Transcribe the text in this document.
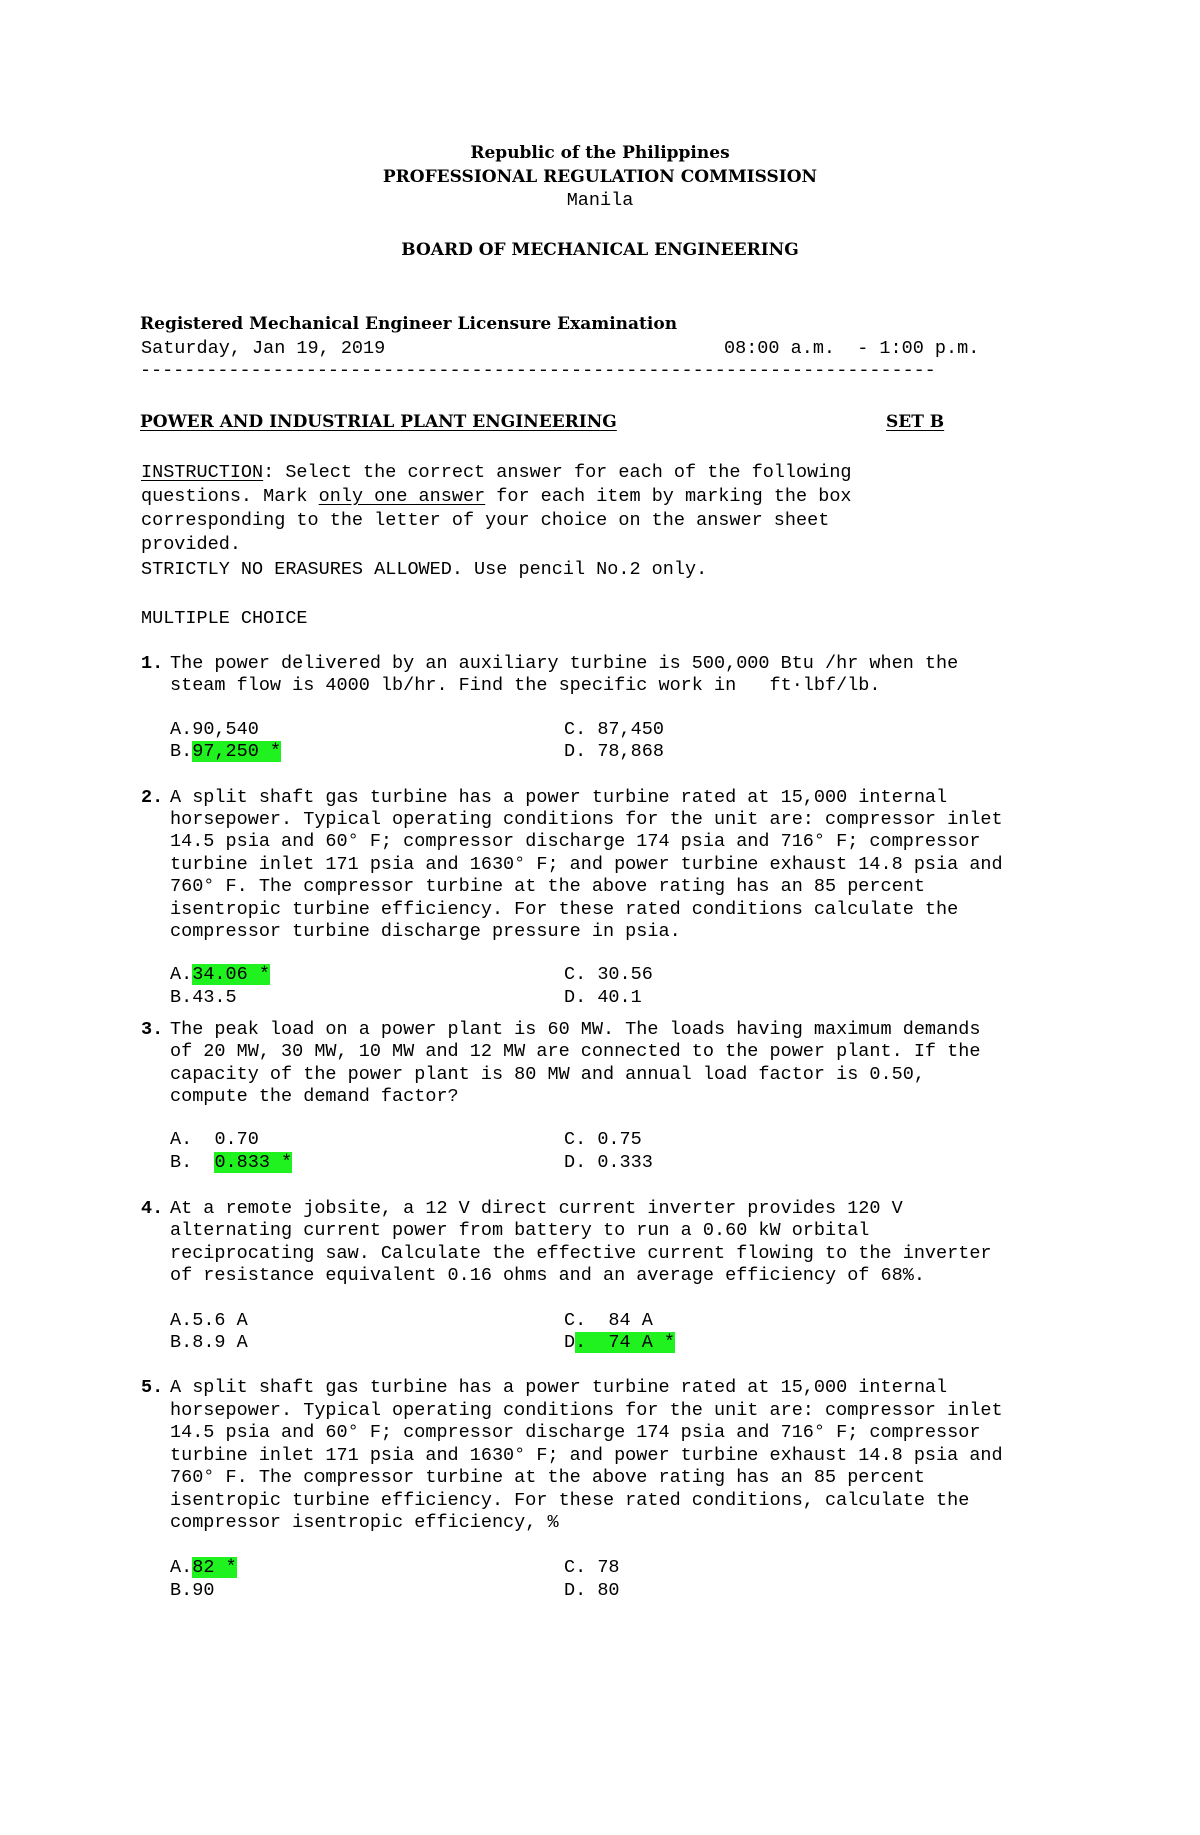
Republic of the Philippines
PROFESSIONAL REGULATION COMMISSION
Manila
BOARD OF MECHANICAL ENGINEERING
Registered Mechanical Engineer Licensure Examination
Saturday, Jan 19, 2019	08:00 a.m.  - 1:00 p.m.
------------------------------------------------------------------------
POWER AND INDUSTRIAL PLANT ENGINEERING	SET B
INSTRUCTION: Select the correct answer for each of the following
questions. Mark only one answer for each item by marking the box
corresponding to the letter of your choice on the answer sheet
provided.
STRICTLY NO ERASURES ALLOWED. Use pencil No.2 only.
MULTIPLE CHOICE
1. The power delivered by an auxiliary turbine is 500,000 Btu /hr when the
steam flow is 4000 lb/hr. Find the specific work in   ft·lbf/lb.
A.90,540
B.97,250 *
C. 87,450
D. 78,868
2. A split shaft gas turbine has a power turbine rated at 15,000 internal
horsepower. Typical operating conditions for the unit are: compressor inlet
14.5 psia and 60° F; compressor discharge 174 psia and 716° F; compressor
turbine inlet 171 psia and 1630° F; and power turbine exhaust 14.8 psia and
760° F. The compressor turbine at the above rating has an 85 percent
isentropic turbine efficiency. For these rated conditions calculate the
compressor turbine discharge pressure in psia.
A.34.06 *
B.43.5
C. 30.56
D. 40.1
3. The peak load on a power plant is 60 MW. The loads having maximum demands
of 20 MW, 30 MW, 10 MW and 12 MW are connected to the power plant. If the
capacity of the power plant is 80 MW and annual load factor is 0.50,
compute the demand factor?
A. 0.70
B. 0.833 *
C. 0.75
D. 0.333
4. At a remote jobsite, a 12 V direct current inverter provides 120 V
alternating current power from battery to run a 0.60 kW orbital
reciprocating saw. Calculate the effective current flowing to the inverter
of resistance equivalent 0.16 ohms and an average efficiency of 68%.
A.5.6 A
B.8.9 A
C.  84 A
D.  74 A *
5. A split shaft gas turbine has a power turbine rated at 15,000 internal
horsepower. Typical operating conditions for the unit are: compressor inlet
14.5 psia and 60° F; compressor discharge 174 psia and 716° F; compressor
turbine inlet 171 psia and 1630° F; and power turbine exhaust 14.8 psia and
760° F. The compressor turbine at the above rating has an 85 percent
isentropic turbine efficiency. For these rated conditions, calculate the
compressor isentropic efficiency, %
A.82 *
B.90
C. 78
D. 80
